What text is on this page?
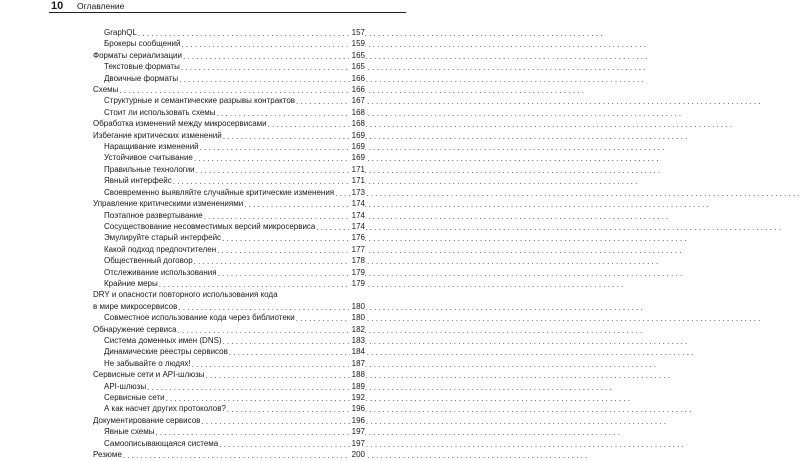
10 Оглавление
GraphQL . . .	157
Брокеры сообщений . . .	159
Форматы сериализации . . .	165
Текстовые форматы . . .	165
Двоичные форматы . . .	166
Схемы . . .	166
Структурные и семантические разрывы контрактов . . .	167
Стоит ли использовать схемы . . .	168
Обработка изменений между микросервисами . . .	168
Избегание критических изменений . . .	169
Наращивание изменений . . .	169
Устойчивое считывание . . .	169
Правильные технологии . . .	171
Явный интерфейс . . .	171
Своевременно выявляйте случайные критические изменения . . . 173
Управление критическими изменениями . . .	174
Поэтапное развертывание . . .	174
Сосуществование несовместимых версий микросервиса . . .	174
Эмулируйте старый интерфейс . . .	176
Какой подход предпочтителен . . .	177
Общественный договор . . .	178
Отслеживание использования . . .	179
Крайние меры . . .	179
DRY и опасности повторного использования кода
в мире микросервисов . . .	180
Совместное использование кода через библиотеки . . .	180
Обнаружение сервиса . . .	182
Система доменных имен (DNS) . . .	183
Динамические реестры сервисов . . .	184
Не забывайте о людях! . . .	187
Сервисные сети и API-шлюзы . . .	188
API-шлюзы . . .	189
Сервисные сети . . .	192
А как насчет других протоколов? . . .	196
Документирование сервисов . . .	196
Явные схемы . . .	197
Самоописывающаяся система . . .	197
Резюме . . .	200
